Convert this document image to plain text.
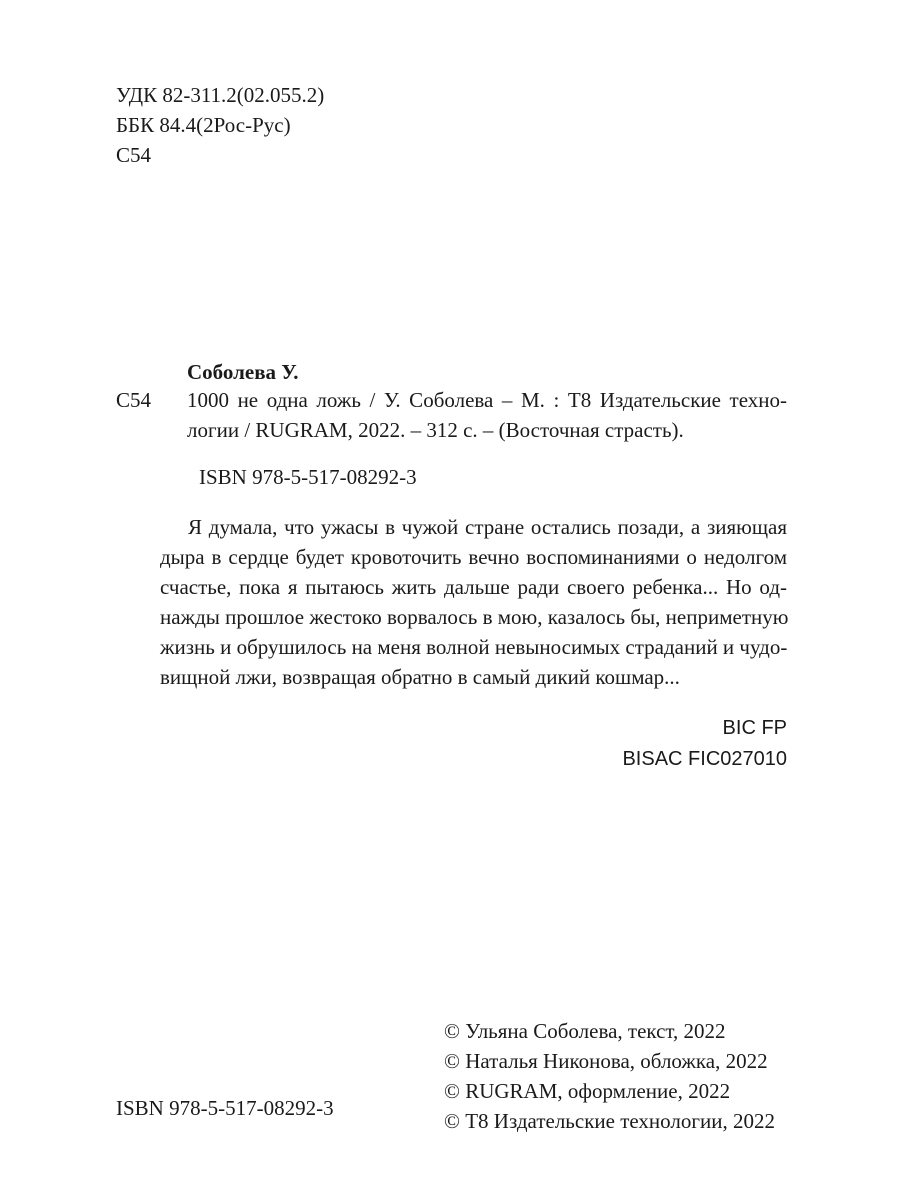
УДК 82-311.2(02.055.2)
ББК 84.4(2Рос-Рус)
С54
Соболева У.
С54 1000 не одна ложь / У. Соболева – М. : Т8 Издательские техно-
логии / RUGRAM, 2022. – 312 с. – (Восточная страсть).
ISBN 978-5-517-08292-3
Я думала, что ужасы в чужой стране остались позади, а зияющая
дыра в сердце будет кровоточить вечно воспоминаниями о недолгом
счастье, пока я пытаюсь жить дальше ради своего ребенка... Но од-
нажды прошлое жестоко ворвалось в мою, казалось бы, неприметную
жизнь и обрушилось на меня волной невыносимых страданий и чудо-
вищной лжи, возвращая обратно в самый дикий кошмар...
BIC FP
BISAC FIC027010
ISBN 978-5-517-08292-3
© Ульяна Соболева, текст, 2022
© Наталья Никонова, обложка, 2022
© RUGRAM, оформление, 2022
© Т8 Издательские технологии, 2022
